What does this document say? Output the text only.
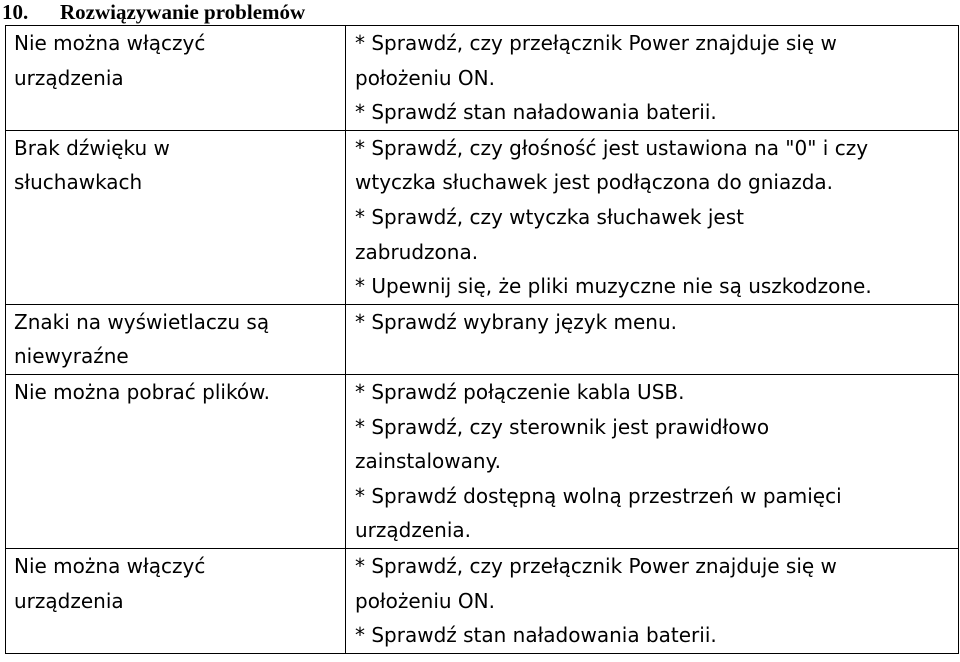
10. Rozwiązywanie problemów
Nie można włączyć
urządzenia	* Sprawdź, czy przełącznik Power znajduje się w
położeniu ON.
* Sprawdź stan naładowania baterii.

Brak dźwięku w
słuchawkach	* Sprawdź, czy głośność jest ustawiona na "0" i czy
wtyczka słuchawek jest podłączona do gniazda.
* Sprawdź, czy wtyczka słuchawek jest
zabrudzona.
* Upewnij się, że pliki muzyczne nie są uszkodzone.

Znaki na wyświetlaczu są
niewyraźne	* Sprawdź wybrany język menu.

Nie można pobrać plików.	* Sprawdź połączenie kabla USB.
* Sprawdź, czy sterownik jest prawidłowo
zainstalowany.
* Sprawdź dostępną wolną przestrzeń w pamięci
urządzenia.

Nie można włączyć
urządzenia	* Sprawdź, czy przełącznik Power znajduje się w
położeniu ON.
* Sprawdź stan naładowania baterii.
